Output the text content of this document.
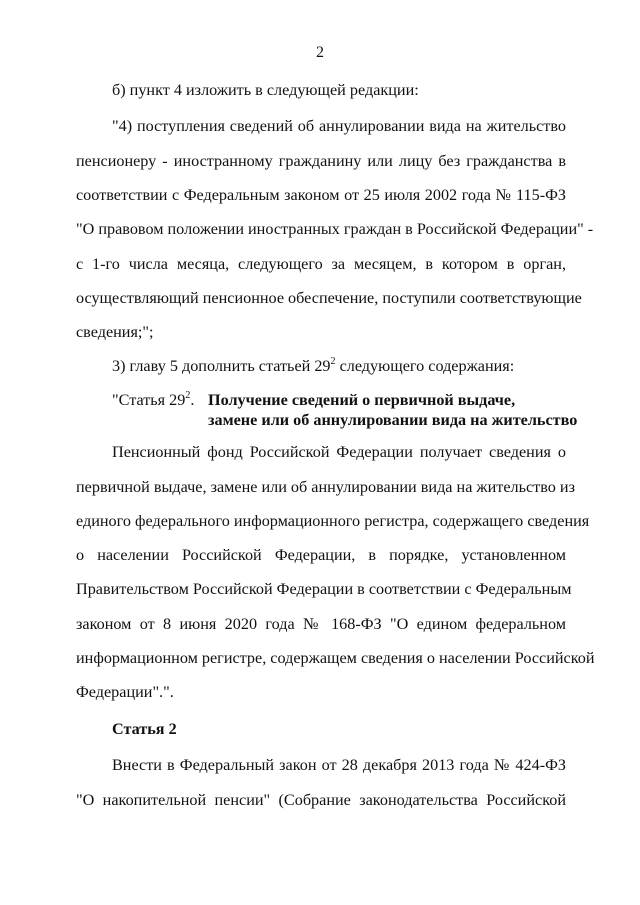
2
б) пункт 4 изложить в следующей редакции:
"4) поступления сведений об аннулировании вида на жительство
пенсионеру - иностранному гражданину или лицу без гражданства в
соответствии с Федеральным законом от 25 июля 2002 года № 115-ФЗ
"О правовом положении иностранных граждан в Российской Федерации" -
с 1-го числа месяца, следующего за месяцем, в котором в орган,
осуществляющий пенсионное обеспечение, поступили соответствующие
сведения;";
3) главу 5 дополнить статьей $29^2$ следующего содержания:
"Статья $29^2$. Получение сведений о первичной выдаче,
замене или об аннулировании вида на жительство
Пенсионный фонд Российской Федерации получает сведения о
первичной выдаче, замене или об аннулировании вида на жительство из
единого федерального информационного регистра, содержащего сведения
о населении Российской Федерации, в порядке, установленном
Правительством Российской Федерации в соответствии с Федеральным
законом от 8 июня 2020 года № 168-ФЗ "О едином федеральном
информационном регистре, содержащем сведения о населении Российской
Федерации".".
Статья 2
Внести в Федеральный закон от 28 декабря 2013 года № 424-ФЗ
"О накопительной пенсии" (Собрание законодательства Российской
